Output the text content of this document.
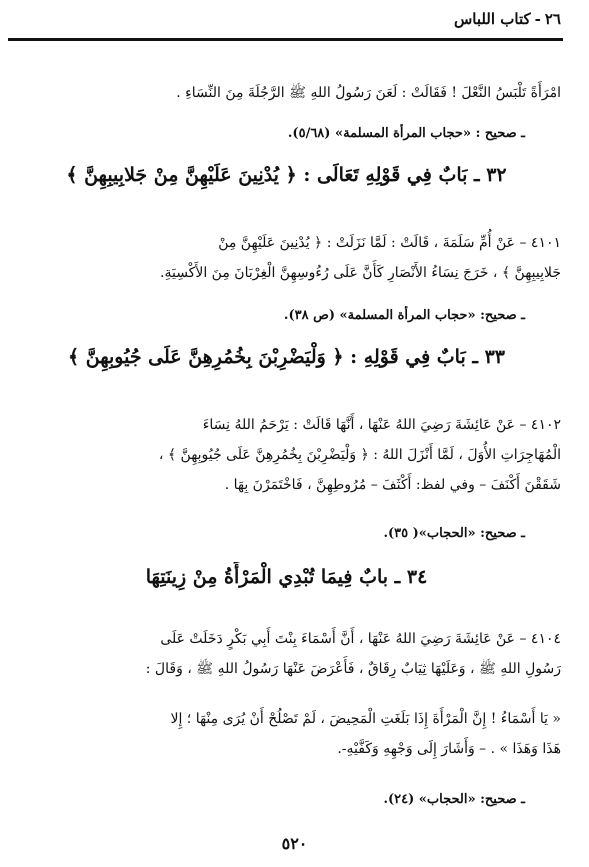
٢٦-كتاب اللباس
امْرَأَةً تَلْبَسُ النَّعْلَ ! فَقَالَتْ : لَعَنَ رَسُولُ اللهِ ﷺ الرَّجُلَةَ مِنَ النِّسَاءِ .
ـ صحيح : «حجاب المرأة المسلمة» (٥/٦٨).
٣٢ ـ بَابٌ فِي قَوْلِهِ تَعَالَى : ﴿ يُدْنِينَ عَلَيْهِنَّ مِنْ جَلابِيبِهِنَّ ﴾
٤١٠١ – عَنْ أُمِّ سَلَمَةَ ، قَالَتْ : لَمَّا نَزَلَتْ : ﴿ يُدْنِينَ عَلَيْهِنَّ مِنْ
جَلابِيبِهِنَّ ﴾ ، خَرَجَ نِسَاءُ الأَنْصَارِ كَأَنَّ عَلَى رُءُوسِهِنَّ الْغِرْبَانَ مِنَ الأَكْسِيَةِ.
ـ صحيح: «حجاب المرأة المسلمة» (ص ٣٨).
٣٣ ـ بَابٌ فِي قَوْلِهِ : ﴿ وَلْيَضْرِبْنَ بِخُمُرِهِنَّ عَلَى جُيُوبِهِنَّ ﴾
٤١٠٢ – عَنْ عَائِشَةَ رَضِيَ اللهُ عَنْهَا ، أَنَّهَا قَالَتْ : يَرْحَمُ اللهُ نِسَاءَ
الْمُهَاجِرَاتِ الأُوَلَ ، لَمَّا أَنْزَلَ اللهُ : ﴿ وَلْيَضْرِبْنَ بِخُمُرِهِنَّ عَلَى جُيُوبِهِنَّ ﴾ ،
شَقَقْنَ أَكْنَفَ – وفي لفظ: أَكْثَفَ – مُرُوطِهِنَّ ، فَاخْتَمَرْنَ بِهَا .
ـ صحيح: «الحجاب»( ٣٥).
٣٤ ـ بابٌ فِيمَا تُبْدِي الْمَرْأَةُ مِنْ زِينَتِهَا
٤١٠٤ – عَنْ عَائِشَةَ رَضِيَ اللهُ عَنْهَا ، أَنَّ أَسْمَاءَ بِنْتَ أَبِي بَكْرٍ دَخَلَتْ عَلَى
رَسُولِ اللهِ ﷺ ، وَعَلَيْهَا ثِيَابٌ رِقَاقٌ ، فَأَعْرَضَ عَنْهَا رَسُولُ اللهِ ﷺ ، وَقَالَ :
« يَا أَسْمَاءُ ! إِنَّ الْمَرْأَةَ إِذَا بَلَغَتِ الْمَحِيضَ ، لَمْ تَصْلُحْ أَنْ يُرَى مِنْهَا ؛ إِلا
هَذَا وَهَذَا » . – وَأَشَارَ إِلَى وَجْهِهِ وَكَفَّيْهِ-.
ـ صحيح: «الحجاب» (٢٤).
٥٢٠
